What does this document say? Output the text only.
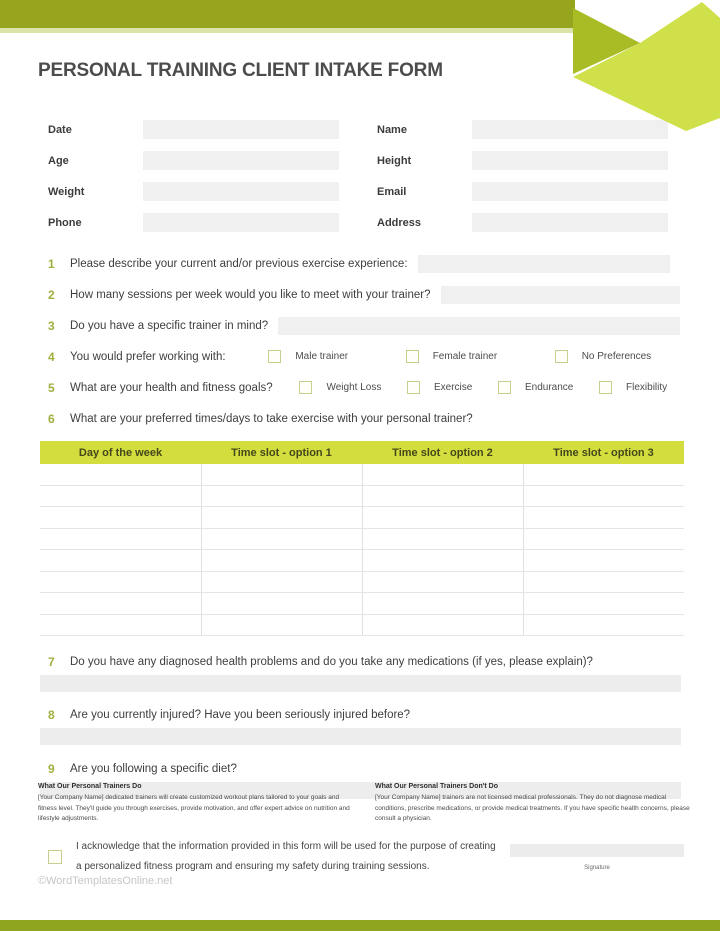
PERSONAL TRAINING CLIENT INTAKE FORM
Date	Name
Age	Height
Weight	Email
Phone	Address
1	Please describe your current and/or previous exercise experience:
2	How many sessions per week would you like to meet with your trainer?
3	Do you have a specific trainer in mind?
4	You would prefer working with:	Male trainer	Female trainer	No Preferences
5	What are your health and fitness goals?	Weight Loss	Exercise	Endurance	Flexibility
6	What are your preferred times/days to take exercise with your personal trainer?
Day of the week	Time slot - option 1	Time slot - option 2	Time slot - option 3

7	Do you have any diagnosed health problems and do you take any medications (if yes, please explain)?
8	Are you currently injured? Have you been seriously injured before?
9	Are you following a specific diet?
What Our Personal Trainers Do
[Your Company Name] dedicated trainers will create customized workout plans tailored to your goals and fitness level. They'll guide you through exercises, provide motivation, and offer expert advice on nutrition and lifestyle adjustments.
What Our Personal Trainers Don't Do
[Your Company Name] trainers are not licensed medical professionals. They do not diagnose medical conditions, prescribe medications, or provide medical treatments. If you have specific health concerns, please consult a physician.
I acknowledge that the information provided in this form will be used for the purpose of creating a personalized fitness program and ensuring my safety during training sessions.	Signature
©WordTemplatesOnline.net
